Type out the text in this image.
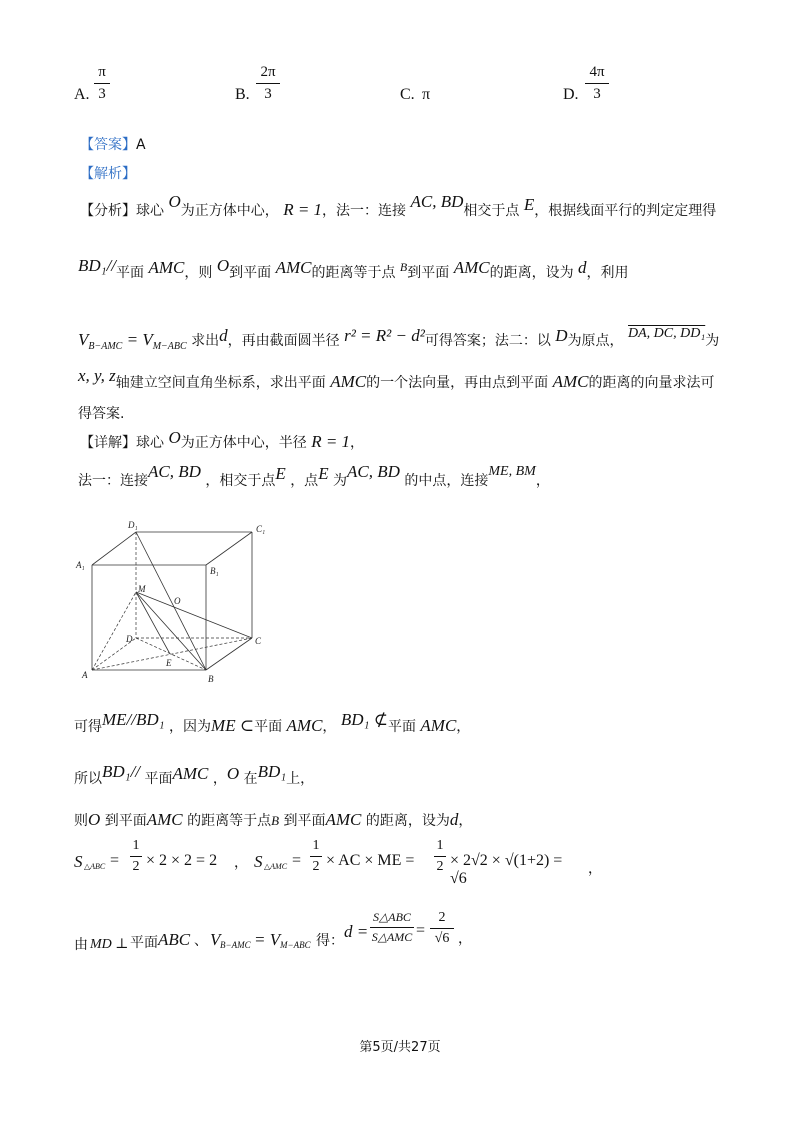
A.
π
3	B.
2π
3	C. π	D.
4π
3
【答案】A
【解析】
【分析】球心 O为正方体中心， R = 1，法一：连接 AC, BD相交于点 E，根据线面平行的判定定理得
BD₁//平面 AMC，则 O到平面 AMC的距离等于点 B到平面 AMC的距离，设为 d，利用
$V_{B-AMC} = V_{M-ABC}$ 求出d，再由截面圆半径 r² = R² − d²可得答案；法二：以 D为原点， DA, DC, DD₁为
x, y, z轴建立空间直角坐标系，求出平面 AMC的一个法向量，再由点到平面 AMC的距离的向量求法可
得答案.
【详解】球心 O为正方体中心，半径 R = 1，
法一：连接AC, BD ，相交于点E ，点E 为AC, BD 的中点，连接ME, BM，
D₁	C₁
A₁
B₁
M
O
D	C
E
A	B
可得ME//BD₁ ，因为ME ⊂平面 AMC， BD₁ ⊄平面 AMC，
所以BD₁// 平面AMC ，O 在BD₁上，
则O 到平面AMC 的距离等于点B 到平面AMC 的距离，设为d，
S △ABC =
1
2 × 2 × 2 = 2 ， S △AMC =
1
2 × AC × ME =
1
2 × 2√2 × √(1+2) = √6
，
由 MD ⊥ 平面 ABC 、 V B−AMC = V M−ABC 得： d =
S△ABC
S△AMC =
2
√6 ，
第5页/共27页
